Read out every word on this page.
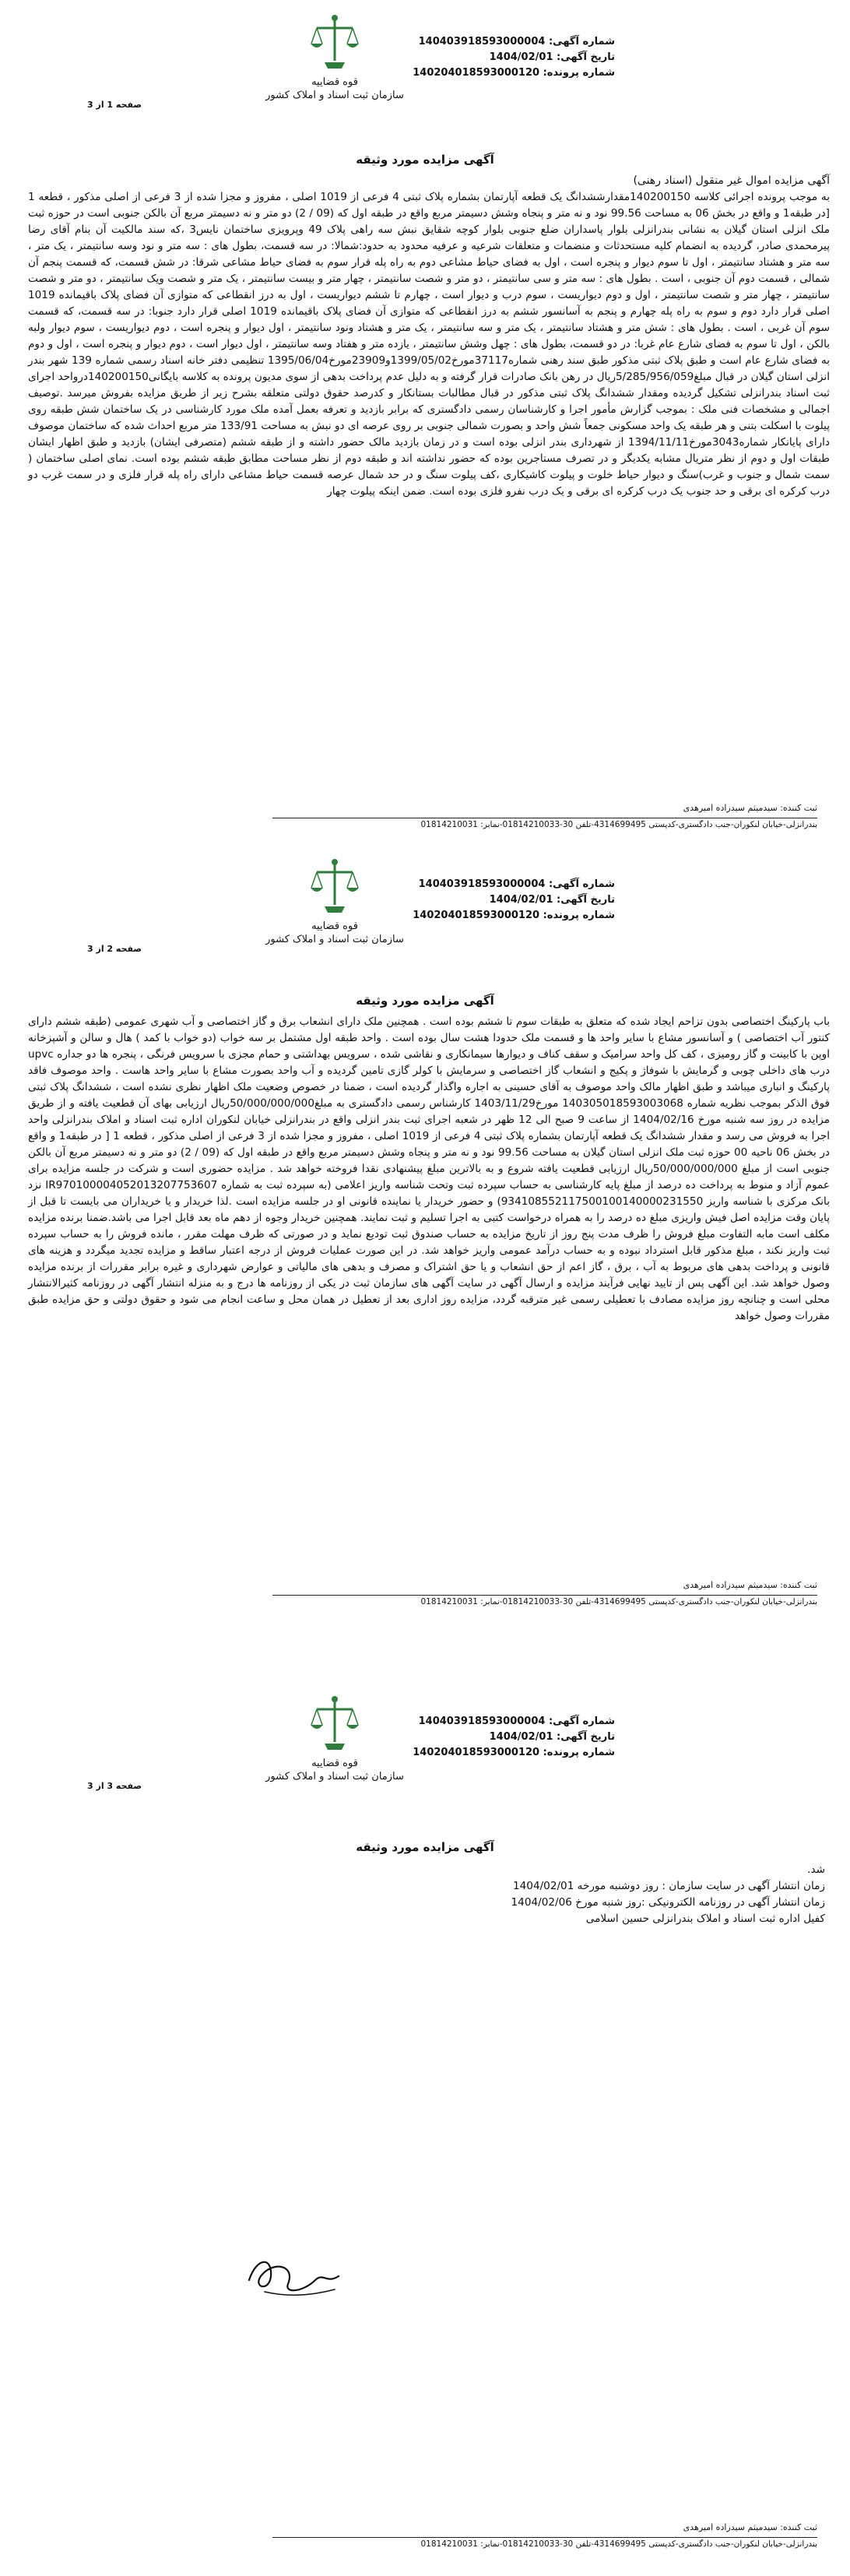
قوه قضاییه
سازمان ثبت اسناد و املاک کشور
شماره آگهی: 140403918593000004
تاریخ آگهی: 1404/02/01
شماره پرونده: 140204018593000120
صفحه 1 از 3
آگهی مزایده مورد وثیقه

آگهی مزایده اموال غیر منقول (اسناد رهنی)

به موجب پرونده اجرائی کلاسه 140200150مقدارششدانگ یک قطعه آپارتمان بشماره پلاک ثبتی 4 فرعی از 1019 اصلی ، مفروز و مجزا شده از 3 فرعی از اصلی مذکور ، قطعه 1 [در طبقه1 و واقع در بخش 06 به مساحت 99.56 نود و نه متر و پنجاه وشش دسیمتر مربع واقع در طبقه اول که (09 / 2) دو متر و نه دسیمتر مربع آن بالکن جنوبی است در حوزه ثبت ملک انزلی استان گیلان به نشانی بندرانزلی بلوار پاسداران ضلع جنوبی بلوار کوچه شقایق نبش سه راهی پلاک 49 وپرویزی ساختمان نایس3 ،که سند مالکیت آن بنام آقای رضا پیرمحمدی صادر، گردیده به انضمام کلیه مستحدثات و منضمات و متعلقات شرعیه و عرفیه محدود به حدود:شمالا: در سه قسمت، بطول های : سه متر و نود وسه سانتیمتر ، یک متر ، سه متر و هشتاد سانتیمتر ، اول تا سوم دیوار و پنجره است ، اول به فضای حیاط مشاعی دوم به راه پله قرار سوم به فضای حیاط مشاعی شرقا: در شش قسمت، که قسمت پنجم آن شمالی ، قسمت دوم آن جنوبی ، است . بطول های : سه متر و سی سانتیمتر ، دو متر و شصت سانتیمتر ، چهار متر و بیست سانتیمتر ، یک متر و شصت ویک سانتیمتر ، دو متر و شصت سانتیمتر ، چهار متر و شصت سانتیمتر ، اول و دوم دیواریست ، سوم درب و دیوار است ، چهارم تا ششم دیواریست ، اول به درز انقطاعی که متوازی آن فضای پلاک باقیمانده 1019 اصلی قرار دارد دوم و سوم به راه پله چهارم و پنجم به آسانسور ششم به درز انقطاعی که متوازی آن فضای پلاک باقیمانده 1019 اصلی قرار دارد جنوبا: در سه قسمت، که قسمت سوم آن غربی ، است . بطول های : شش متر و هشتاد سانتیمتر ، یک متر و سه سانتیمتر ، یک متر و هشتاد ونود سانتیمتر ، اول دیوار و پنجره است ، دوم دیواریست ، سوم دیوار ولبه بالکن ، اول تا سوم به فضای شارع عام غربا: در دو قسمت، بطول های : چهل وشش سانتیمتر ، یازده متر و هفتاد وسه سانتیمتر ، اول دیوار است ، دوم دیوار و پنجره است ، اول و دوم به فضای شارع عام است و طبق پلاک ثبتی مذکور طبق سند رهنی شماره37117مورخ1399/05/02و23909مورخ1395/06/04 تنظیمی دفتر خانه اسناد رسمی شماره 139 شهر بندر انزلی استان گیلان در قبال مبلغ5/285/956/059ریال در رهن بانک صادرات قرار گرفته و به دلیل عدم پرداخت بدهی از سوی مدیون پرونده به کلاسه بایگانی140200150درواحد اجرای ثبت اسناد بندرانزلی تشکیل گردیده ومقدار ششدانگ پلاک ثبتی مذکور در قبال مطالبات بستانکار و کدرصد حقوق دولتی متعلقه بشرح زیر از طریق مزایده بفروش میرسد .توصیف اجمالی و مشخصات فنی ملک : بموجب گزارش مأمور اجرا و کارشناسان رسمی دادگستری که برابر بازدید و تعرفه بعمل آمده ملک مورد کارشناسی در یک ساختمان شش طبقه روی پیلوت با اسکلت بتنی و هر طبقه یک واحد مسکونی جمعاً شش واحد و بصورت شمالی جنوبی بر روی عرصه ای دو نبش به مساحت 133/91 متر مربع احداث شده که ساختمان موصوف دارای پایانکار شماره3043مورخ1394/11/11 از شهرداری بندر انزلی بوده است و در زمان بازدید مالک حضور داشته و از طبقه ششم (متصرفی ایشان) بازدید و طبق اظهار ایشان طبقات اول و دوم از نظر متریال مشابه یکدیگر و در تصرف مستاجرین بوده که حضور نداشته اند و طبقه دوم از نظر مساحت مطابق طبقه ششم بوده است. نمای اصلی ساختمان ( سمت شمال و جنوب و غرب)سنگ و دیوار حیاط خلوت و پیلوت کاشیکاری ،کف پیلوت سنگ و در حد شمال عرصه قسمت حیاط مشاعی دارای راه پله قرار فلزی و در سمت غرب دو درب کرکره ای برقی و حد جنوب یک درب کرکره ای برقی و یک درب نفرو فلزی بوده است. ضمن اینکه پیلوت چهار

ثبت کننده: سیدمیثم سیدزاده امیرهدی
بندرانزلی-خیابان لنکوران-جنب دادگستری-کدپستی 4314699495-تلفن 30-01814210033-نمابر: 01814210031
قوه قضاییه
سازمان ثبت اسناد و املاک کشور
شماره آگهی: 140403918593000004
تاریخ آگهی: 1404/02/01
شماره پرونده: 140204018593000120
صفحه 2 از 3
آگهی مزایده مورد وثیقه

باب پارکینگ اختصاصی بدون تزاحم ایجاد شده که متعلق به طبقات سوم تا ششم بوده است . همچنین ملک دارای انشعاب برق و گاز اختصاصی و آب شهری عمومی (طبقه ششم دارای کنتور آب اختصاصی ) و آسانسور مشاع با سایر واحد ها و قسمت ملک حدودا هشت سال بوده است . واحد طبقه اول مشتمل بر سه خواب (دو خواب با کمد ) هال و سالن و آشپزخانه اوپن با کابینت و گاز رومیزی ، کف کل واحد سرامیک و سقف کناف و دیوارها سیمانکاری و نقاشی شده ، سرویس بهداشتی و حمام مجزی با سرویس فرنگی ، پنجره ها دو جداره upvc درب های داخلی چوبی و گرمایش با شوفاژ و پکیج و انشعاب گاز اختصاصی و سرمایش با کولر گازی تامین گردیده و آب واحد بصورت مشاع با سایر واحد هاست . واحد موصوف فاقد پارکینگ و انباری میباشد و طبق اظهار مالک واحد موصوف به آقای حسینی به اجاره واگذار گردیده است ، ضمنا در خصوص وضعیت ملک اظهار نظری نشده است ، ششدانگ پلاک ثبتی فوق الذکر بموجب نظریه شماره 140305018593003068 مورخ1403/11/29 کارشناس رسمی دادگستری به مبلغ50/000/000/000ریال ارزیابی بهای آن قطعیت یافته و از طریق مزایده در روز سه شنبه مورخ 1404/02/16 از ساعت 9 صبح الی 12 ظهر در شعبه اجرای ثبت بندر انزلی واقع در بندرانزلی خیابان لنکوران اداره ثبت اسناد و املاک بندرانزلی واحد اجرا به فروش می رسد و مقدار ششدانگ یک قطعه آپارتمان بشماره پلاک ثبتی 4 فرعی از 1019 اصلی ، مفروز و مجزا شده از 3 فرعی از اصلی مذکور ، قطعه 1 [ در طبقه1 و واقع در بخش 06 ناحیه 00 حوزه ثبت ملک انزلی استان گیلان به مساحت 99.56 نود و نه متر و پنجاه وشش دسیمتر مربع واقع در طبقه اول که (09 / 2) دو متر و نه دسیمتر مربع آن بالکن جنوبی است از مبلغ 50/000/000/000ریال ارزیابی قطعیت یافته شروع و به بالاترین مبلغ پیشنهادی نقدا فروخته خواهد شد . مزایده حضوری است و شرکت در جلسه مزایده برای عموم آزاد و منوط به پرداخت ده درصد از مبلغ پایه کارشناسی به حساب سپرده ثبت وتحت شناسه واریز اعلامی (به سپرده ثبت به شماره IR970100004052013207753607 نزد بانک مرکزی با شناسه واریز 934108552117500100140000231550) و حضور خریدار یا نماینده قانونی او در جلسه مزایده است .لذا خریدار و یا خریداران می بایست تا قبل از پایان وقت مزایده اصل فیش واریزی مبلغ ده درصد را به همراه درخواست کتبی به اجرا تسلیم و ثبت نمایند. همچنین خریدار وجوه از دهم ماه بعد قابل اجرا می باشد.ضمنا برنده مزایده مکلف است مابه التفاوت مبلغ فروش را ظرف مدت پنج روز از تاریخ مزایده به حساب صندوق ثبت تودیع نماید و در صورتی که ظرف مهلت مقرر ، مانده فروش را به حساب سپرده ثبت واریز نکند ، مبلغ مذکور قابل استرداد نبوده و به حساب درآمد عمومی واریز خواهد شد. در این صورت عملیات فروش از درجه اعتبار ساقط و مزایده تجدید میگردد و هزینه های قانونی و پرداخت بدهی های مربوط به آب ، برق ، گاز اعم از حق انشعاب و یا حق اشتراک و مصرف و بدهی های مالیاتی و عوارض شهرداری و غیره برابر مقررات از برنده مزایده وصول خواهد شد. این آگهی پس از تایید نهایی فرآیند مزایده و ارسال آگهی در سایت آگهی های سازمان ثبت در یکی از روزنامه ها درج و به منزله انتشار آگهی در روزنامه کثیرالانتشار محلی است و چنانچه روز مزایده مصادف با تعطیلی رسمی غیر مترقبه گردد، مزایده روز اداری بعد از تعطیل در همان محل و ساعت انجام می شود و حقوق دولتی و حق مزایده طبق مقررات وصول خواهد

ثبت کننده: سیدمیثم سیدزاده امیرهدی
بندرانزلی-خیابان لنکوران-جنب دادگستری-کدپستی 4314699495-تلفن 30-01814210033-نمابر: 01814210031
قوه قضاییه
سازمان ثبت اسناد و املاک کشور
شماره آگهی: 140403918593000004
تاریخ آگهی: 1404/02/01
شماره پرونده: 140204018593000120
صفحه 3 از 3
آگهی مزایده مورد وثیقه
شد.
زمان انتشار آگهی در سایت سازمان : روز دوشنبه مورخه 1404/02/01
زمان انتشار آگهی در روزنامه الکترونیکی :روز شنبه مورخ 1404/02/06
کفیل اداره ثبت اسناد و املاک بندرانزلی حسین اسلامی
ثبت کننده: سیدمیثم سیدزاده امیرهدی
بندرانزلی-خیابان لنکوران-جنب دادگستری-کدپستی 4314699495-تلفن 30-01814210033-نمابر: 01814210031
